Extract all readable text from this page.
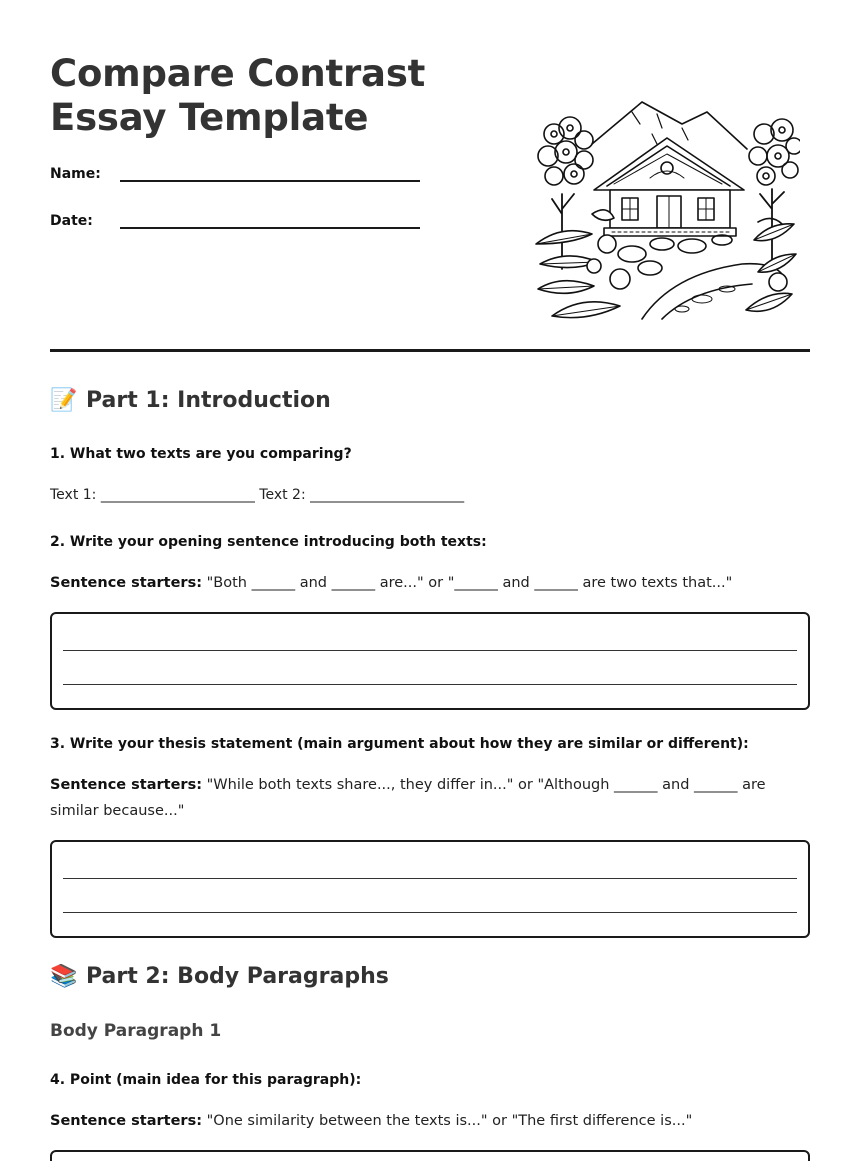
Compare Contrast Essay Template
Name:
Date:
📝 Part 1: Introduction
1. What two texts are you comparing?
Text 1: ______________________ Text 2: ______________________
2. Write your opening sentence introducing both texts:
Sentence starters: "Both ______ and ______ are..." or "______ and ______ are two texts that..."
3. Write your thesis statement (main argument about how they are similar or different):
Sentence starters: "While both texts share..., they differ in..." or "Although ______ and ______ are similar because..."
📚 Part 2: Body Paragraphs
Body Paragraph 1
4. Point (main idea for this paragraph):
Sentence starters: "One similarity between the texts is..." or "The first difference is..."
